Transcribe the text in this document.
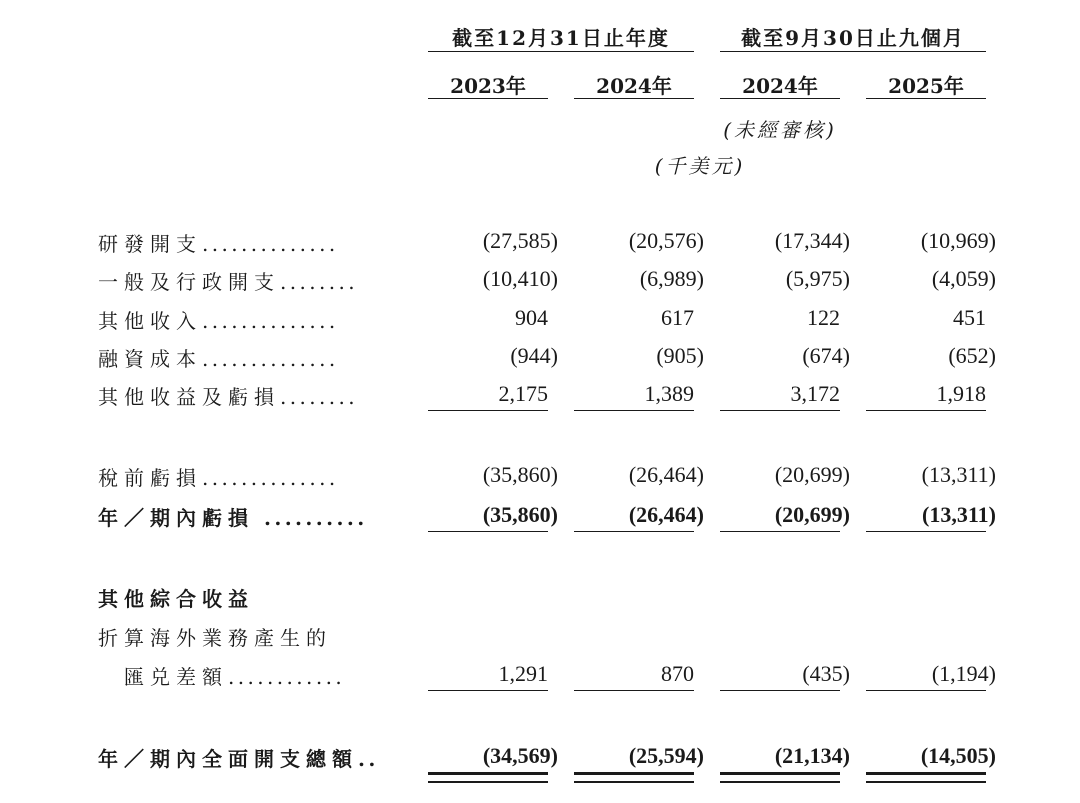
截至12月31日止年度	截至9月30日止九個月
2023年	2024年	2024年	2025年
(未經審核)
(千美元)
研發開支..............	(27,585)	(20,576)	(17,344)	(10,969)
一般及行政開支........	(10,410)	(6,989)	(5,975)	(4,059)
其他收入..............	904	617	122	451
融資成本..............	(944)	(905)	(674)	(652)
其他收益及虧損........	2,175	1,389	3,172	1,918
稅前虧損..............	(35,860)	(26,464)	(20,699)	(13,311)
年／期內虧損 ..........	(35,860)	(26,464)	(20,699)	(13,311)
其他綜合收益
折算海外業務產生的
匯兑差額............	1,291	870	(435)	(1,194)
年／期內全面開支總額..	(34,569)	(25,594)	(21,134)	(14,505)
